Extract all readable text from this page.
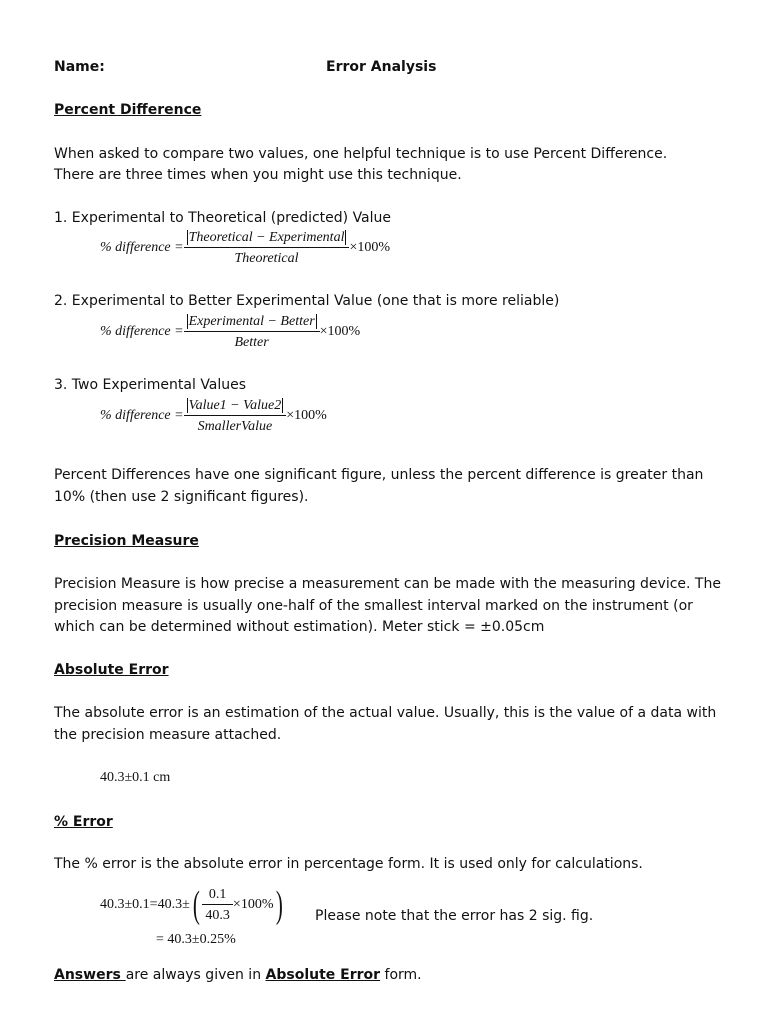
Name:	Error Analysis
Percent Difference
When asked to compare two values, one helpful technique is to use Percent Difference.
There are three times when you might use this technique.
1. Experimental to Theoretical (predicted) Value
% difference = $\frac{\text{Theoretical − Experimental}}{\text{Theoretical}} \times 100\%$
2. Experimental to Better Experimental Value (one that is more reliable)
% difference = $\frac{\text{Experimental − Better}}{\text{Better}} \times 100\%$
3. Two Experimental Values
% difference = $\frac{\text{Value1 − Value2}}{\text{SmallerValue}} \times 100\%$
Percent Differences have one significant figure, unless the percent difference is greater than 10% (then use 2 significant figures).
Precision Measure
Precision Measure is how precise a measurement can be made with the measuring device. The precision measure is usually one-half of the smallest interval marked on the instrument (or which can be determined without estimation). Meter stick = ±0.05cm
Absolute Error
The absolute error is an estimation of the actual value. Usually, this is the value of a data with the precision measure attached.
40.3±0.1 cm
% Error
The % error is the absolute error in percentage form. It is used only for calculations.
40.3±0.1=40.3± ( $\frac{0.1}{40.3} \times 100\%$ ) Please note that the error has 2 sig. fig.
= 40.3±0.25%
Answers are always given in Absolute Error form.
